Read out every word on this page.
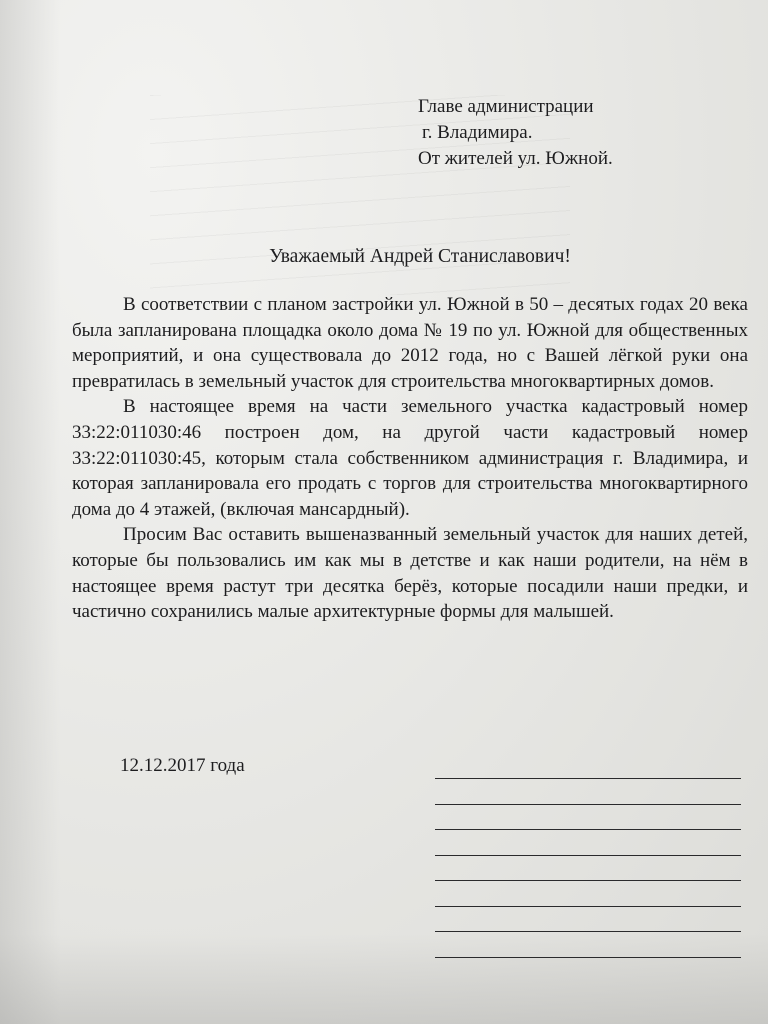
Главе администрации
г. Владимира.
От жителей ул. Южной.
Уважаемый Андрей Станиславович!

В соответствии с планом застройки ул. Южной в 50 – десятых годах 20 века была запланирована площадка около дома № 19 по ул. Южной для общественных мероприятий, и она существовала до 2012 года, но с Вашей лёгкой руки она превратилась в земельный участок для строительства многоквартирных домов.

В настоящее время на части земельного участка кадастровый номер 33:22:011030:46 построен дом, на другой части кадастровый номер 33:22:011030:45, которым стала собственником администрация г. Владимира, и которая запланировала его продать с торгов для строительства многоквартирного дома до 4 этажей, (включая мансардный).

Просим Вас оставить вышеназванный земельный участок для наших детей, которые бы пользовались им как мы в детстве и как наши родители, на нём в настоящее время растут три десятка берёз, которые посадили наши предки, и частично сохранились малые архитектурные формы для малышей.

12.12.2017 года
